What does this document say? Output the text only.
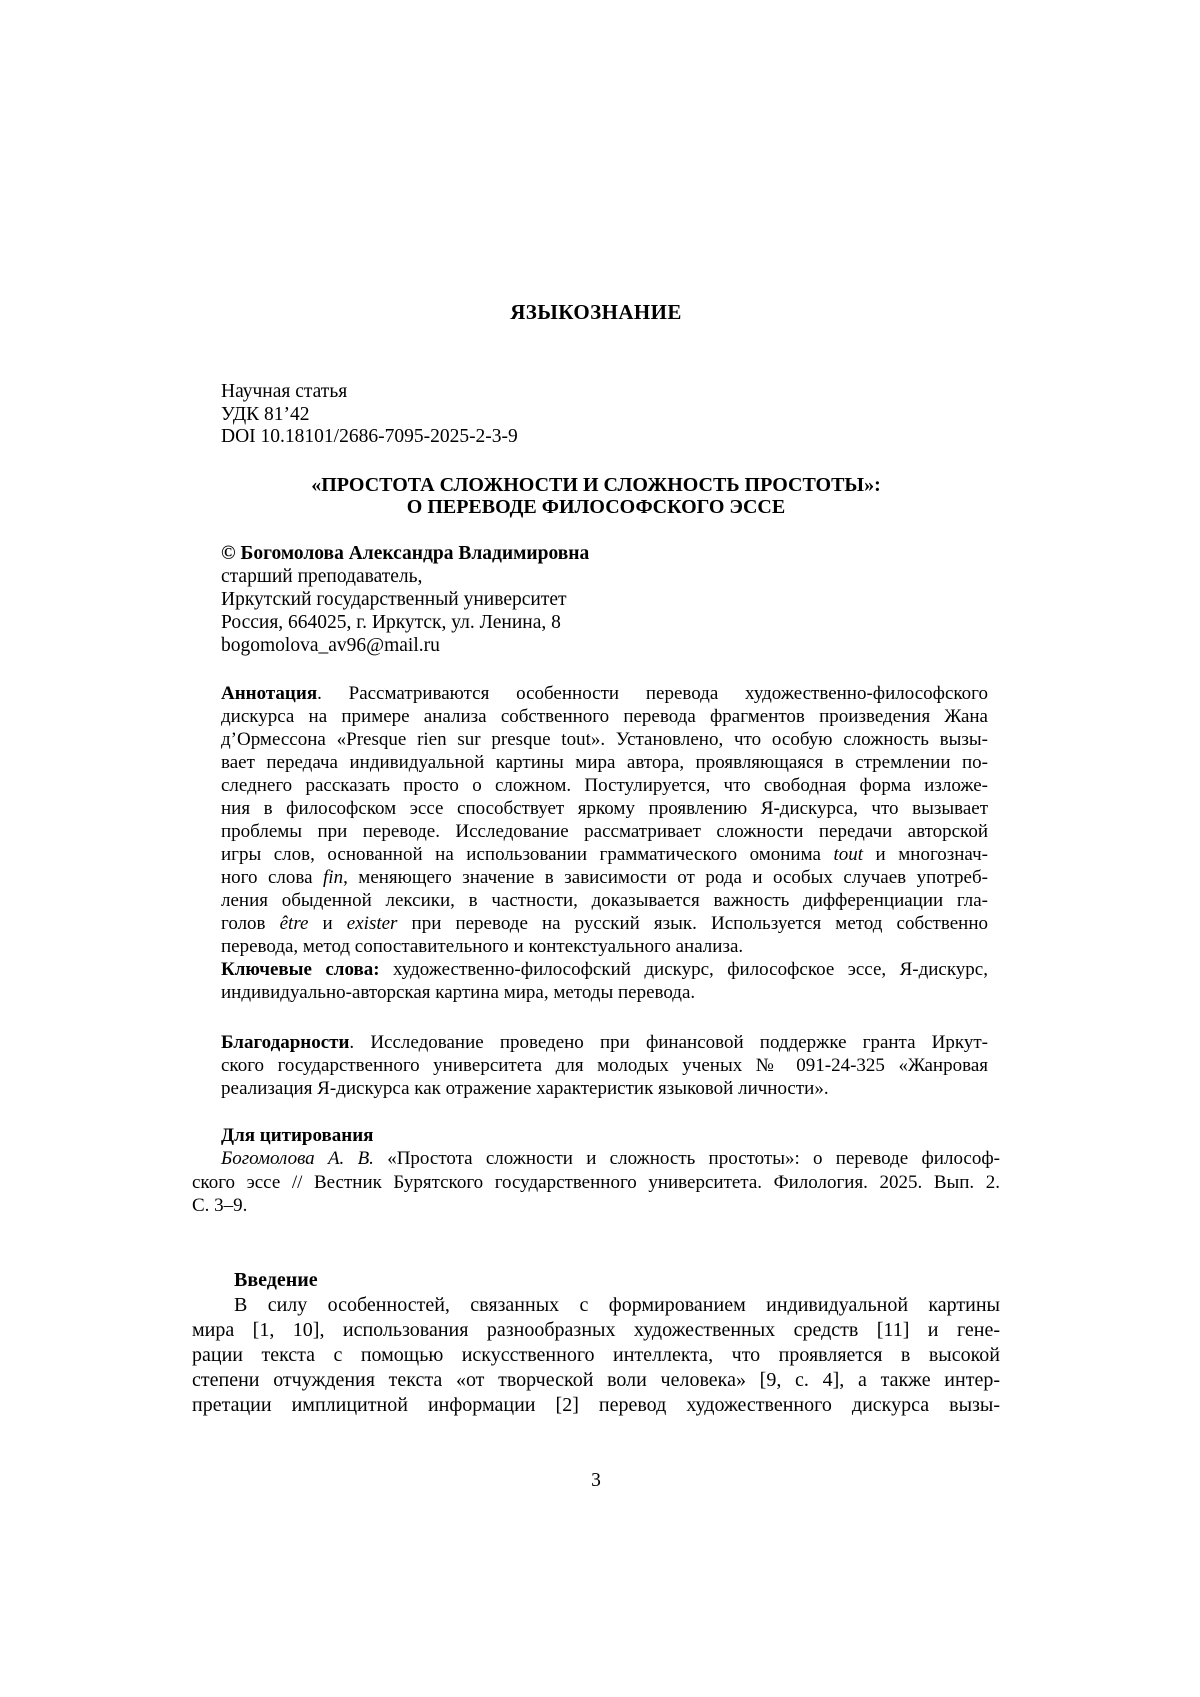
ЯЗЫКОЗНАНИЕ
Научная статья
УДК 81’42
DOI 10.18101/2686-7095-2025-2-3-9
«ПРОСТОТА СЛОЖНОСТИ И СЛОЖНОСТЬ ПРОСТОТЫ»:
О ПЕРЕВОДЕ ФИЛОСОФСКОГО ЭССЕ
© Богомолова Александра Владимировна
старший преподаватель,
Иркутский государственный университет
Россия, 664025, г. Иркутск, ул. Ленина, 8
bogomolova_av96@mail.ru
Аннотация. Рассматриваются особенности перевода художественно-философского
дискурса на примере анализа собственного перевода фрагментов произведения Жана
д’Ормессона «Presque rien sur presque tout». Установлено, что особую сложность вызы-
вает передача индивидуальной картины мира автора, проявляющаяся в стремлении по-
следнего рассказать просто о сложном. Постулируется, что свободная форма изложе-
ния в философском эссе способствует яркому проявлению Я-дискурса, что вызывает
проблемы при переводе. Исследование рассматривает сложности передачи авторской
игры слов, основанной на использовании грамматического омонима tout и многознач-
ного слова fin, меняющего значение в зависимости от рода и особых случаев употреб-
ления обыденной лексики, в частности, доказывается важность дифференциации гла-
голов être и exister при переводе на русский язык. Используется метод собственно
перевода, метод сопоставительного и контекстуального анализа.
Ключевые слова: художественно-философский дискурс, философское эссе, Я-дискурс,
индивидуально-авторская картина мира, методы перевода.
Благодарности. Исследование проведено при финансовой поддержке гранта Иркут-
ского государственного университета для молодых ученых № 091-24-325 «Жанровая
реализация Я-дискурса как отражение характеристик языковой личности».
Для цитирования
Богомолова А. В. «Простота сложности и сложность простоты»: о переводе философ-
ского эссе // Вестник Бурятского государственного университета. Филология. 2025. Вып. 2.
С. 3–9.
Введение
В силу особенностей, связанных с формированием индивидуальной картины
мира [1, 10], использования разнообразных художественных средств [11] и гене-
рации текста с помощью искусственного интеллекта, что проявляется в высокой
степени отчуждения текста «от творческой воли человека» [9, с. 4], а также интер-
претации имплицитной информации [2] перевод художественного дискурса вызы-
3
